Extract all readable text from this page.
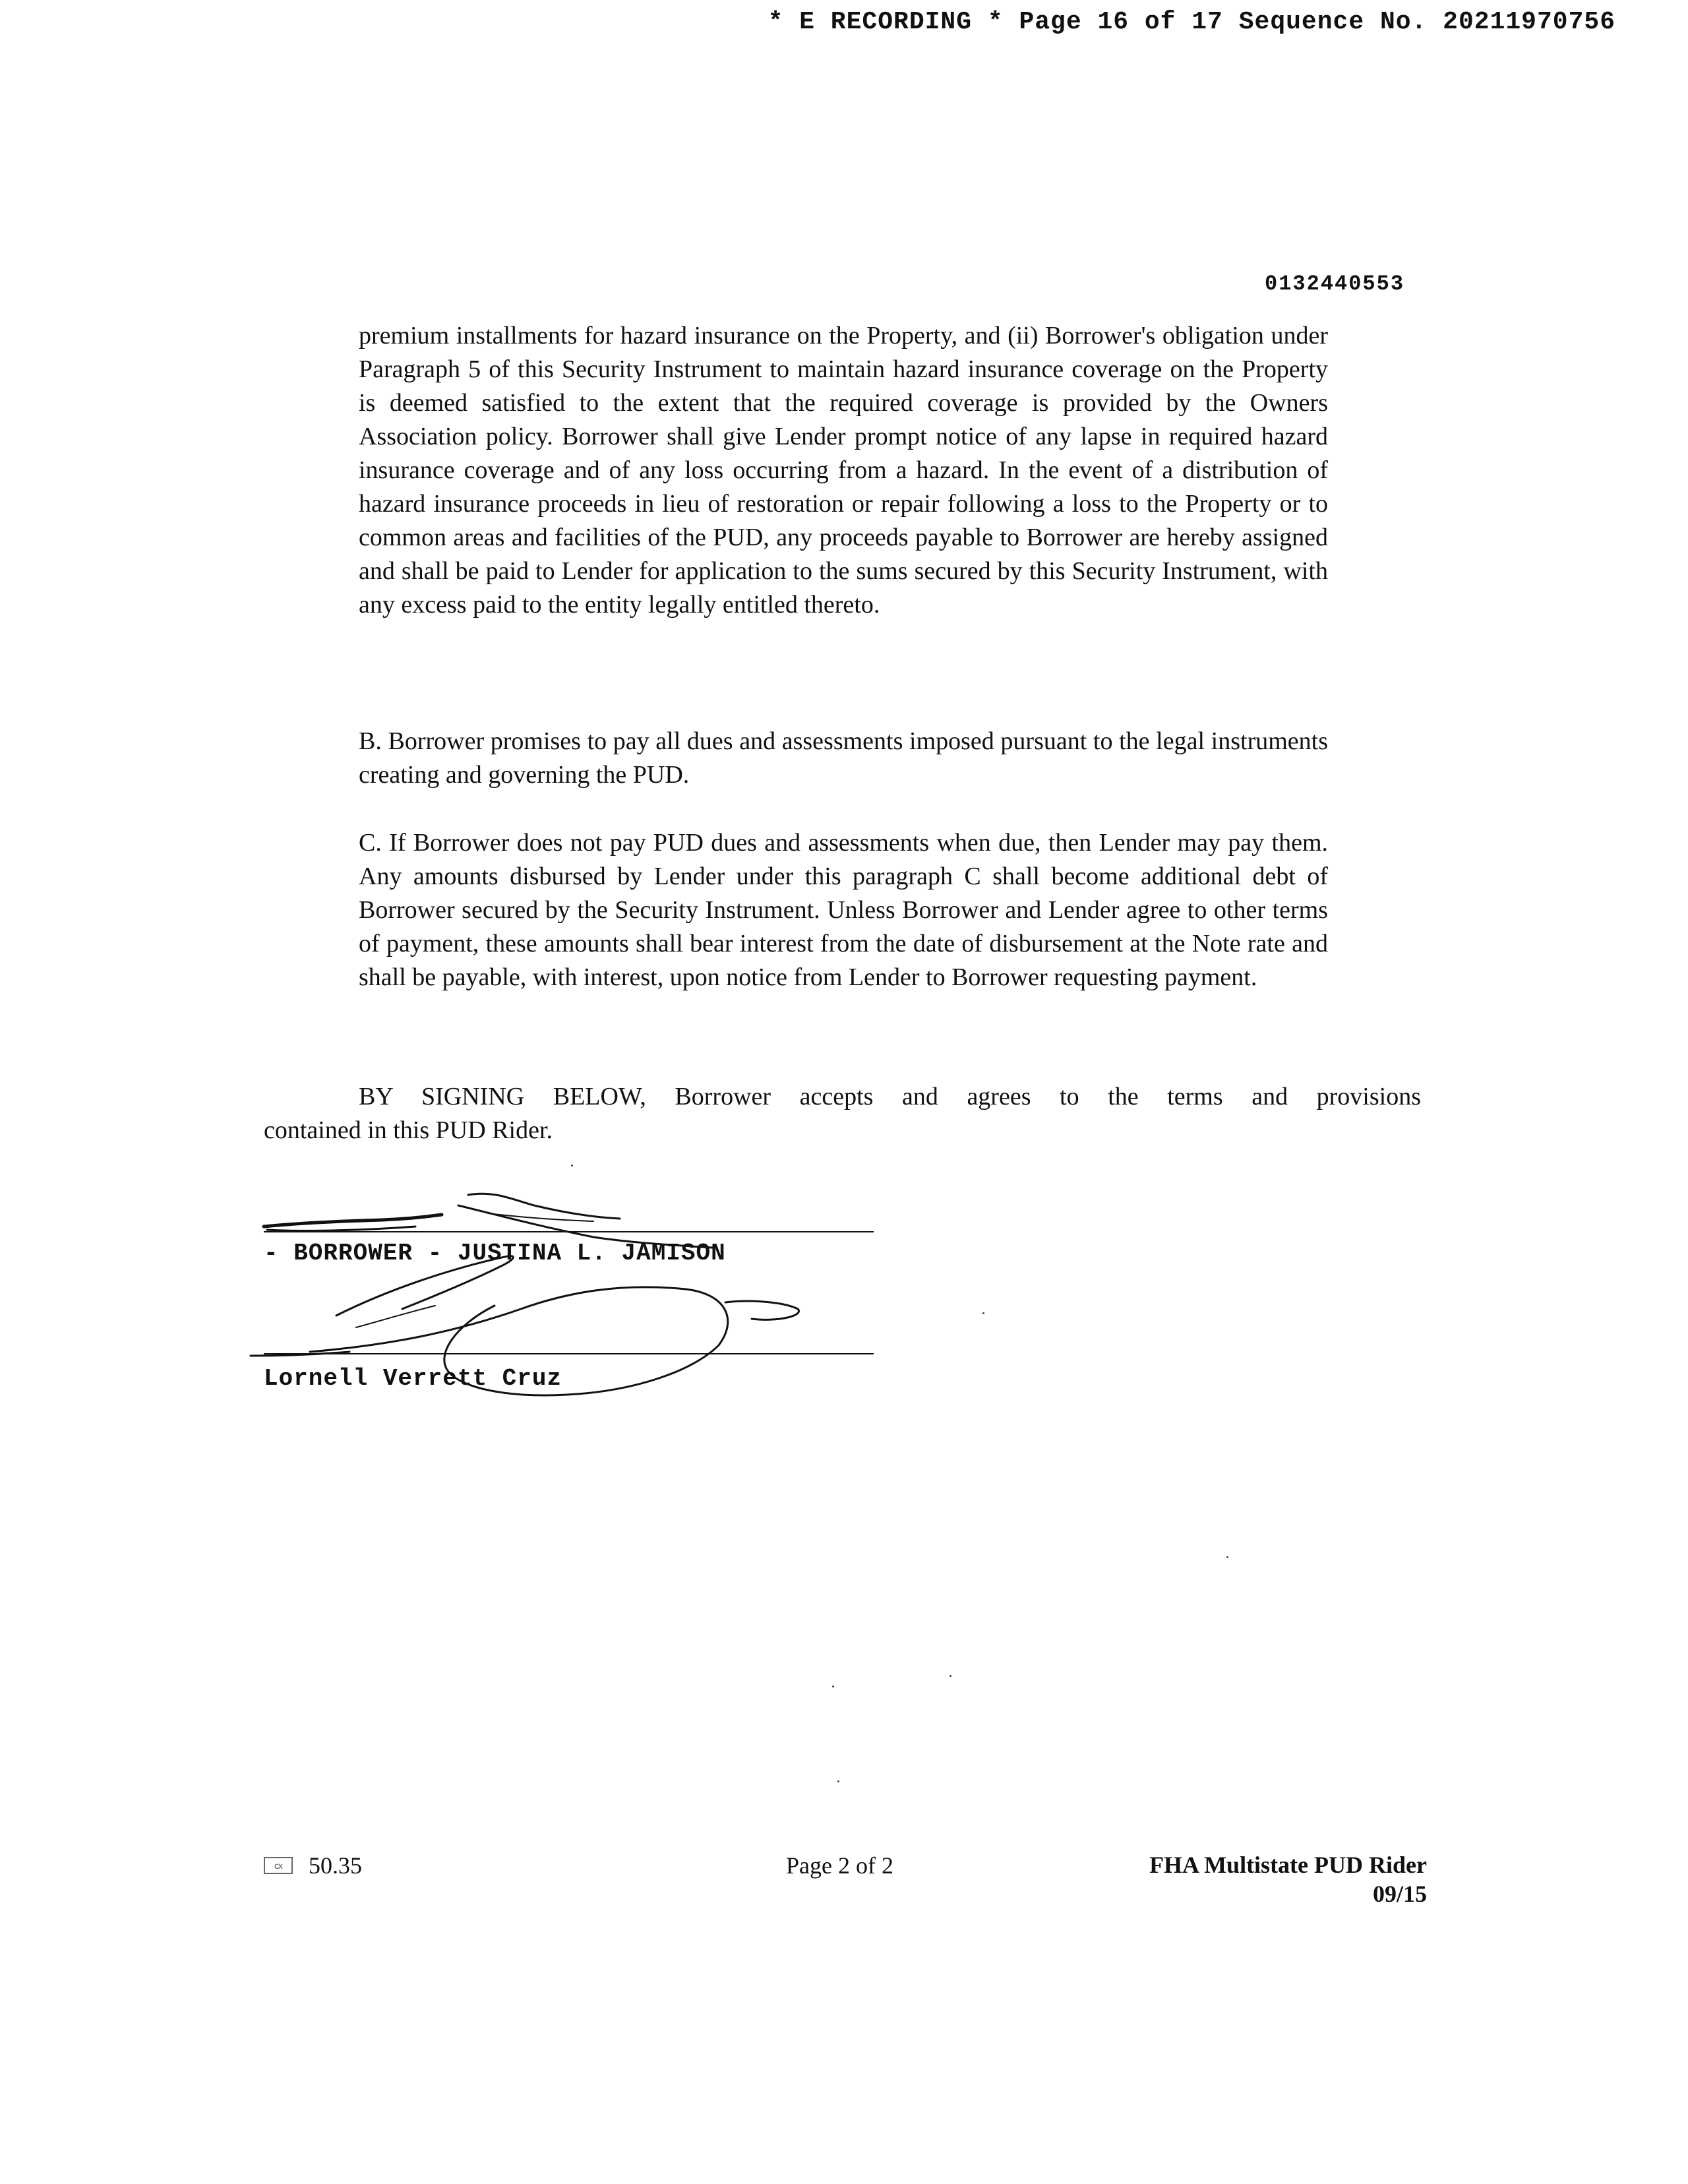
* E RECORDING * Page 16 of 17 Sequence No. 20211970756
0132440553

premium installments for hazard insurance on the Property, and (ii) Borrower's obligation under Paragraph 5 of this Security Instrument to maintain hazard insurance coverage on the Property is deemed satisfied to the extent that the required coverage is provided by the Owners Association policy. Borrower shall give Lender prompt notice of any lapse in required hazard insurance coverage and of any loss occurring from a hazard. In the event of a distribution of hazard insurance proceeds in lieu of restoration or repair following a loss to the Property or to common areas and facilities of the PUD, any proceeds payable to Borrower are hereby assigned and shall be paid to Lender for application to the sums secured by this Security Instrument, with any excess paid to the entity legally entitled thereto.

B. Borrower promises to pay all dues and assessments imposed pursuant to the legal instruments creating and governing the PUD.

C. If Borrower does not pay PUD dues and assessments when due, then Lender may pay them. Any amounts disbursed by Lender under this paragraph C shall become additional debt of Borrower secured by the Security Instrument. Unless Borrower and Lender agree to other terms of payment, these amounts shall bear interest from the date of disbursement at the Note rate and shall be payable, with interest, upon notice from Lender to Borrower requesting payment.

BY SIGNING BELOW, Borrower accepts and agrees to the terms and provisions
contained in this PUD Rider.

- BORROWER - JUSTINA L. JAMISON
Lornell Verrett Cruz
cx	50.35	Page 2 of 2	FHA Multistate PUD Rider
09/15
